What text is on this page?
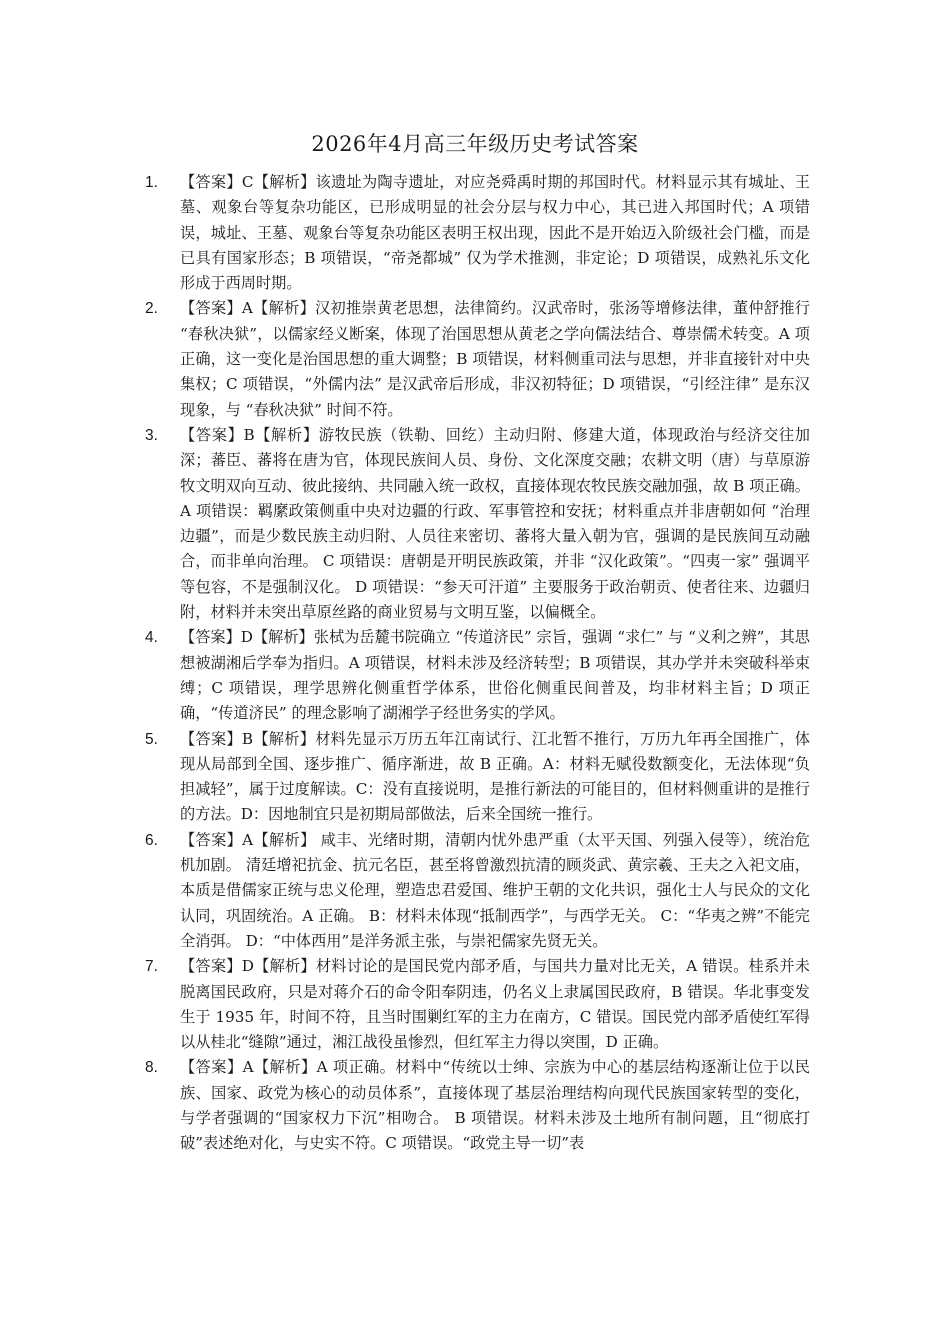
2026年4月高三年级历史考试答案
1.	【答案】C【解析】该遗址为陶寺遗址，对应尧舜禹时期的邦国时代。材料显示其有城址、王墓、观象台等复杂功能区，已形成明显的社会分层与权力中心，其已进入邦国时代；A 项错误，城址、王墓、观象台等复杂功能区表明王权出现，因此不是开始迈入阶级社会门槛，而是已具有国家形态；B 项错误，“帝尧都城” 仅为学术推测，非定论；D 项错误，成熟礼乐文化形成于西周时期。
2.	【答案】A【解析】汉初推崇黄老思想，法律简约。汉武帝时，张汤等增修法律，董仲舒推行 “春秋决狱”，以儒家经义断案，体现了治国思想从黄老之学向儒法结合、尊崇儒术转变。A 项正确，这一变化是治国思想的重大调整；B 项错误，材料侧重司法与思想，并非直接针对中央集权；C 项错误，“外儒内法” 是汉武帝后形成，非汉初特征；D 项错误，“引经注律” 是东汉现象，与 “春秋决狱” 时间不符。
3.	【答案】B【解析】游牧民族（铁勒、回纥）主动归附、修建大道，体现政治与经济交往加深；蕃臣、蕃将在唐为官，体现民族间人员、身份、文化深度交融；农耕文明（唐）与草原游牧文明双向互动、彼此接纳、共同融入统一政权，直接体现农牧民族交融加强，故 B 项正确。A 项错误：羁縻政策侧重中央对边疆的行政、军事管控和安抚；材料重点并非唐朝如何 “治理边疆”，而是少数民族主动归附、人员往来密切、蕃将大量入朝为官，强调的是民族间互动融合，而非单向治理。 C 项错误：唐朝是开明民族政策，并非 “汉化政策”。“四夷一家” 强调平等包容，不是强制汉化。 D 项错误：“参天可汗道” 主要服务于政治朝贡、使者往来、边疆归附，材料并未突出草原丝路的商业贸易与文明互鉴，以偏概全。
4.	【答案】D【解析】张栻为岳麓书院确立 “传道济民” 宗旨，强调 “求仁” 与 “义利之辨”，其思想被湖湘后学奉为指归。A 项错误，材料未涉及经济转型；B 项错误，其办学并未突破科举束缚；C 项错误，理学思辨化侧重哲学体系，世俗化侧重民间普及，均非材料主旨；D 项正确，“传道济民” 的理念影响了湖湘学子经世务实的学风。
5.	【答案】B【解析】材料先显示万历五年江南试行、江北暂不推行，万历九年再全国推广，体现从局部到全国、逐步推广、循序渐进，故 B 正确。A：材料无赋役数额变化，无法体现“负担减轻”，属于过度解读。C：没有直接说明，是推行新法的可能目的，但材料侧重讲的是推行的方法。D：因地制宜只是初期局部做法，后来全国统一推行。
6.	【答案】A【解析】 咸丰、光绪时期，清朝内忧外患严重（太平天国、列强入侵等），统治危机加剧。 清廷增祀抗金、抗元名臣，甚至将曾激烈抗清的顾炎武、黄宗羲、王夫之入祀文庙，本质是借儒家正统与忠义伦理，塑造忠君爱国、维护王朝的文化共识，强化士人与民众的文化认同，巩固统治。A 正确。 B：材料未体现“抵制西学”，与西学无关。 C：“华夷之辨”不能完全消弭。 D：“中体西用”是洋务派主张，与崇祀儒家先贤无关。
7.	【答案】D【解析】材料讨论的是国民党内部矛盾，与国共力量对比无关，A 错误。桂系并未脱离国民政府，只是对蒋介石的命令阳奉阴违，仍名义上隶属国民政府，B 错误。华北事变发生于 1935 年，时间不符，且当时围剿红军的主力在南方，C 错误。国民党内部矛盾使红军得以从桂北“缝隙”通过，湘江战役虽惨烈，但红军主力得以突围，D 正确。
8.	【答案】A【解析】A 项正确。材料中“传统以士绅、宗族为中心的基层结构逐渐让位于以民族、国家、政党为核心的动员体系”，直接体现了基层治理结构向现代民族国家转型的变化，与学者强调的“国家权力下沉”相吻合。 B 项错误。材料未涉及土地所有制问题，且“彻底打破”表述绝对化，与史实不符。C 项错误。“政党主导一切”表
